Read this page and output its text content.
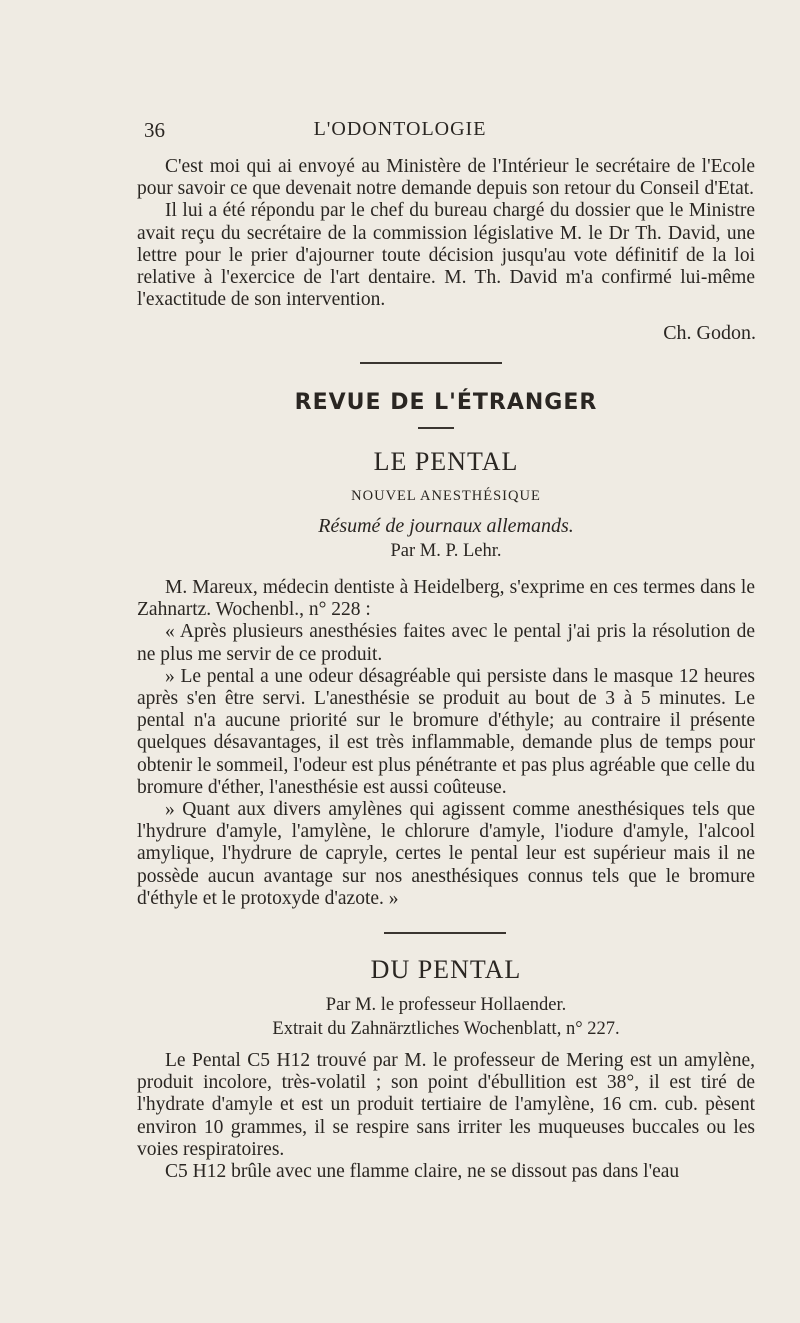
36	L'ODONTOLOGIE

C'est moi qui ai envoyé au Ministère de l'Intérieur le secrétaire de l'Ecole pour savoir ce que devenait notre demande depuis son retour du Conseil d'Etat.

Il lui a été répondu par le chef du bureau chargé du dossier que le Ministre avait reçu du secrétaire de la commission législative M. le Dr Th. David, une lettre pour le prier d'ajourner toute décision jusqu'au vote définitif de la loi relative à l'exercice de l'art dentaire. M. Th. David m'a confirmé lui-même l'exactitude de son intervention.

Ch. Godon.
REVUE DE L'ÉTRANGER
LE PENTAL
NOUVEL ANESTHÉSIQUE
Résumé de journaux allemands.
Par M. P. Lehr.

M. Mareux, médecin dentiste à Heidelberg, s'exprime en ces termes dans le Zahnartz. Wochenbl., n° 228 :

« Après plusieurs anesthésies faites avec le pental j'ai pris la résolution de ne plus me servir de ce produit.

» Le pental a une odeur désagréable qui persiste dans le masque 12 heures après s'en être servi. L'anesthésie se produit au bout de 3 à 5 minutes. Le pental n'a aucune priorité sur le bromure d'éthyle; au contraire il présente quelques désavantages, il est très inflammable, demande plus de temps pour obtenir le sommeil, l'odeur est plus pénétrante et pas plus agréable que celle du bromure d'éther, l'anesthésie est aussi coûteuse.

» Quant aux divers amylènes qui agissent comme anesthésiques tels que l'hydrure d'amyle, l'amylène, le chlorure d'amyle, l'iodure d'amyle, l'alcool amylique, l'hydrure de capryle, certes le pental leur est supérieur mais il ne possède aucun avantage sur nos anesthésiques connus tels que le bromure d'éthyle et le protoxyde d'azote. »

DU PENTAL
Par M. le professeur Hollaender.
Extrait du Zahnärztliches Wochenblatt, n° 227.

Le Pental C5 H12 trouvé par M. le professeur de Mering est un amylène, produit incolore, très-volatil ; son point d'ébullition est 38°, il est tiré de l'hydrate d'amyle et est un produit tertiaire de l'amylène, 16 cm. cub. pèsent environ 10 grammes, il se respire sans irriter les muqueuses buccales ou les voies respiratoires.

C5 H12 brûle avec une flamme claire, ne se dissout pas dans l'eau
